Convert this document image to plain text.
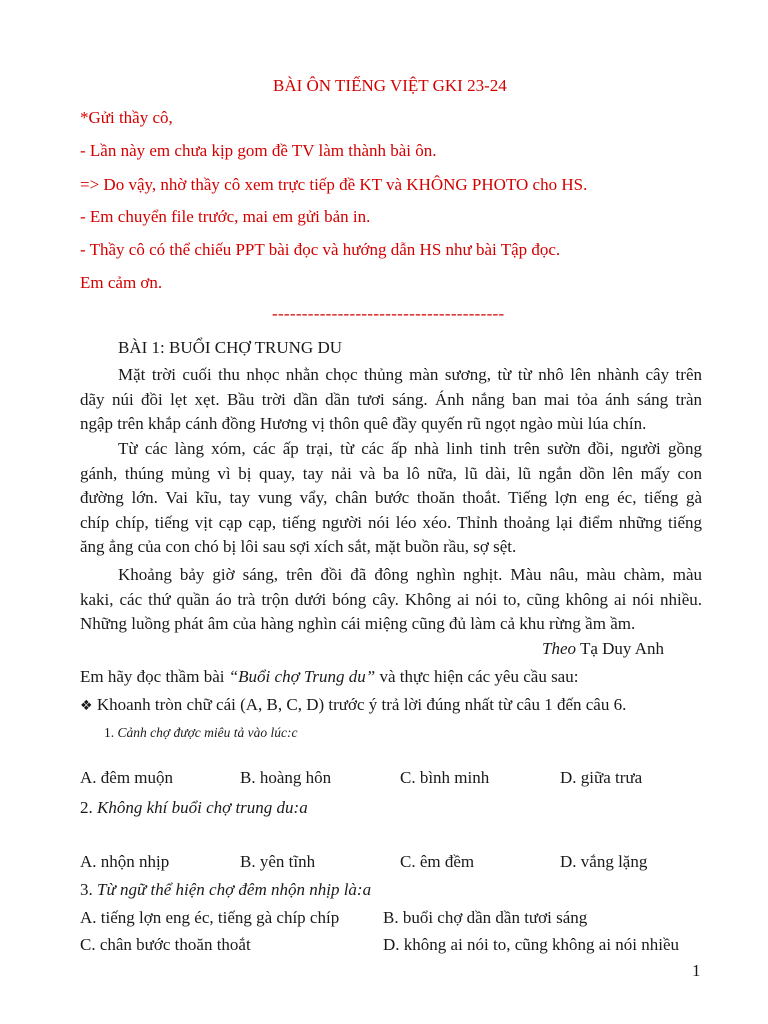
BÀI ÔN TIẾNG VIỆT GKI 23-24
*Gửi thầy cô,
- Lần này em chưa kịp gom đề TV làm thành bài ôn.
=> Do vậy, nhờ thầy cô xem trực tiếp đề KT và KHÔNG PHOTO cho HS.
- Em chuyển file trước, mai em gửi bản in.
- Thầy cô có thể chiếu PPT bài đọc và hướng dẫn HS như bài Tập đọc.
Em cảm ơn.
---------------------------------------
BÀI 1: BUỔI CHỢ TRUNG DU
Mặt trời cuối thu nhọc nhằn chọc thủng màn sương, từ từ nhô lên nhành cây trên
dãy núi đồi lẹt xẹt. Bầu trời dần dần tươi sáng. Ánh nắng ban mai tỏa ánh sáng tràn
ngập trên khắp cánh đồng Hương vị thôn quê đầy quyến rũ ngọt ngào mùi lúa chín.
Từ các làng xóm, các ấp trại, từ các ấp nhà linh tinh trên sườn đồi, người gồng
gánh, thúng mủng vì bị quay, tay nải và ba lô nữa, lũ dài, lũ ngắn dồn lên mấy con
đường lớn. Vai kĩu, tay vung vẩy, chân bước thoăn thoắt. Tiếng lợn eng éc, tiếng gà
chíp chíp, tiếng vịt cạp cạp, tiếng người nói léo xéo. Thỉnh thoảng lại điểm những tiếng
ăng ẳng của con chó bị lôi sau sợi xích sắt, mặt buồn rầu, sợ sệt.
Khoảng bảy giờ sáng, trên đồi đã đông nghìn nghịt. Màu nâu, màu chàm, màu
kaki, các thứ quần áo trà trộn dưới bóng cây. Không ai nói to, cũng không ai nói nhiều.
Những luồng phát âm của hàng nghìn cái miệng cũng đủ làm cả khu rừng ầm ầm.
Theo Tạ Duy Anh
Em hãy đọc thầm bài “Buổi chợ Trung du” và thực hiện các yêu cầu sau:
❖ Khoanh tròn chữ cái (A, B, C, D) trước ý trả lời đúng nhất từ câu 1 đến câu 6.
1. Cảnh chợ được miêu tả vào lúc:c
A. đêm muộn	B. hoàng hôn	C. bình minh	D. giữa trưa
2. Không khí buổi chợ trung du:a
A. nhộn nhịp	B. yên tĩnh	C. êm đềm	D. vắng lặng
3. Từ ngữ thể hiện chợ đêm nhộn nhịp là:a
A. tiếng lợn eng éc, tiếng gà chíp chíp	B. buổi chợ dần dần tươi sáng
C. chân bước thoăn thoắt	D. không ai nói to, cũng không ai nói nhiều
1
